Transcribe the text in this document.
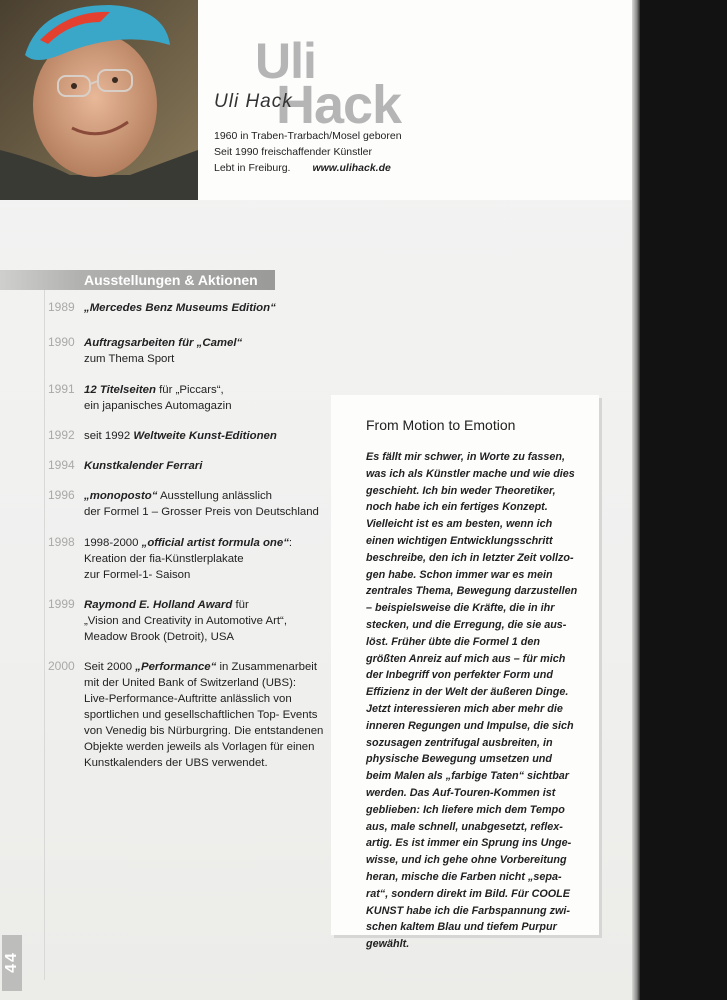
Uli
Hack
Uli Hack
1960 in Traben-Trarbach/Mosel geboren
Seit 1990 freischaffender Künstler
Lebt in Freiburg. www.ulihack.de
Ausstellungen & Aktionen
1989 „Mercedes Benz Museums Edition“
1990 Auftragsarbeiten für „Camel“
zum Thema Sport
1991 12 Titelseiten für „Piccars“,
ein japanisches Automagazin
1992 seit 1992 Weltweite Kunst-Editionen
1994 Kunstkalender Ferrari
1996 „monoposto“ Ausstellung anlässlich
der Formel 1 – Grosser Preis von Deutschland
1998 1998-2000 „official artist formula one“:
Kreation der fia-Künstlerplakate
zur Formel-1- Saison
1999 Raymond E. Holland Award für
„Vision and Creativity in Automotive Art“,
Meadow Brook (Detroit), USA
2000 Seit 2000 „Performance“ in Zusammenarbeit
mit der United Bank of Switzerland (UBS):
Live-Performance-Auftritte anlässlich von
sportlichen und gesellschaftlichen Top- Events
von Venedig bis Nürburgring. Die entstandenen
Objekte werden jeweils als Vorlagen für einen
Kunstkalenders der UBS verwendet.
From Motion to Emotion
Es fällt mir schwer, in Worte zu fassen,
was ich als Künstler mache und wie dies
geschieht. Ich bin weder Theoretiker,
noch habe ich ein fertiges Konzept.
Vielleicht ist es am besten, wenn ich
einen wichtigen Entwicklungsschritt
beschreibe, den ich in letzter Zeit vollzo-
gen habe. Schon immer war es mein
zentrales Thema, Bewegung darzustellen
– beispielsweise die Kräfte, die in ihr
stecken, und die Erregung, die sie aus-
löst. Früher übte die Formel 1 den
größten Anreiz auf mich aus – für mich
der Inbegriff von perfekter Form und
Effizienz in der Welt der äußeren Dinge.
Jetzt interessieren mich aber mehr die
inneren Regungen und Impulse, die sich
sozusagen zentrifugal ausbreiten, in
physische Bewegung umsetzen und
beim Malen als „farbige Taten“ sichtbar
werden. Das Auf-Touren-Kommen ist
geblieben: Ich liefere mich dem Tempo
aus, male schnell, unabgesetzt, reflex-
artig. Es ist immer ein Sprung ins Unge-
wisse, und ich gehe ohne Vorbereitung
heran, mische die Farben nicht „sepa-
rat“, sondern direkt im Bild. Für COOLE
KUNST habe ich die Farbspannung zwi-
schen kaltem Blau und tiefem Purpur
gewählt.
44
